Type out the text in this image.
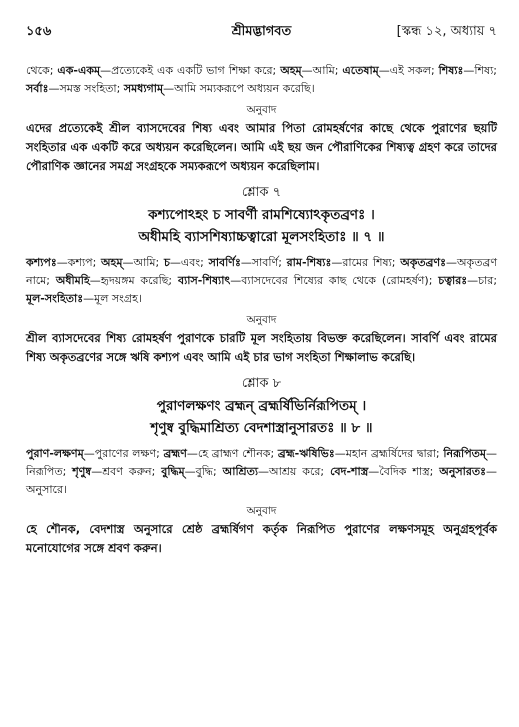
১৫৬	শ্রীমদ্ভাগবত	[স্কন্ধ ১২, অধ্যায় ৭

থেকে; এক-একম্—প্রত্যেকেই এক একটি ভাগ শিক্ষা করে; অহম্—আমি; এতেষাম্—এই সকল; শিষ্যঃ—শিষ্য; সর্বাঃ—সমস্ত সংহিতা; সমধ্যগাম্—আমি সম্যকরূপে অধ্যয়ন করেছি।

অনুবাদ

এদের প্রত্যেকেই শ্রীল ব্যাসদেবের শিষ্য এবং আমার পিতা রোমহর্ষণের কাছে থেকে পুরাণের ছয়টি সংহিতার এক একটি করে অধ্যয়ন করেছিলেন। আমি এই ছয় জন পৌরাণিকের শিষ্যত্ব গ্রহণ করে তাদের পৌরাণিক জ্ঞানের সমগ্র সংগ্রহকে সম্যকরূপে অধ্যয়ন করেছিলাম।

শ্লোক ৭

কশ্যপোঽহং চ সাবর্ণী রামশিষ্যোঽকৃতব্রণঃ ।

অধীমহি ব্যাসশিষ্যাচ্চত্বারো মূলসংহিতাঃ ॥ ৭ ॥

কশ্যপঃ—কশ্যপ; অহম্—আমি; চ—এবং; সাবর্ণিঃ—সাবর্ণি; রাম-শিষ্যঃ—রামের শিষ্য; অকৃতব্রণঃ—অকৃতব্রণ নামে; অধীমহি—হৃদয়ঙ্গম করেছি; ব্যাস-শিষ্যাৎ—ব্যাসদেবের শিষ্যের কাছ থেকে (রোমহর্ষণ); চত্বারঃ—চার; মূল-সংহিতাঃ—মূল সংগ্রহ।

অনুবাদ

শ্রীল ব্যাসদেবের শিষ্য রোমহর্ষণ পুরাণকে চারটি মূল সংহিতায় বিভক্ত করেছিলেন। সাবর্ণি এবং রামের শিষ্য অকৃতব্রণের সঙ্গে ঋষি কশ্যপ এবং আমি এই চার ভাগ সংহিতা শিক্ষালাভ করেছি।

শ্লোক ৮

পুরাণলক্ষণং ব্রহ্মন্ ব্রহ্মর্ষিভির্নিরূপিতম্ ।

শৃণুষ্ব বুদ্ধিমাশ্রিত্য বেদশাস্ত্রানুসারতঃ ॥ ৮ ॥

পুরাণ-লক্ষণম্—পুরাণের লক্ষণ; ব্রহ্মণ—হে ব্রাহ্মণ শৌনক; ব্রহ্ম-ঋষিভিঃ—মহান ব্রহ্মর্ষিদের দ্বারা; নিরূপিতম্—নিরূপিত; শৃণুষ্ব—শ্রবণ করুন; বুদ্ধিম্—বুদ্ধি; আশ্রিত্য—আশ্রয় করে; বেদ-শাস্ত্র—বৈদিক শাস্ত্র; অনুসারতঃ—অনুসারে।

অনুবাদ

হে শৌনক, বেদশাস্ত্র অনুসারে শ্রেষ্ঠ ব্রহ্মর্ষিগণ কর্তৃক নিরূপিত পুরাণের লক্ষণসমূহ অনুগ্রহপূর্বক মনোযোগের সঙ্গে শ্রবণ করুন।
